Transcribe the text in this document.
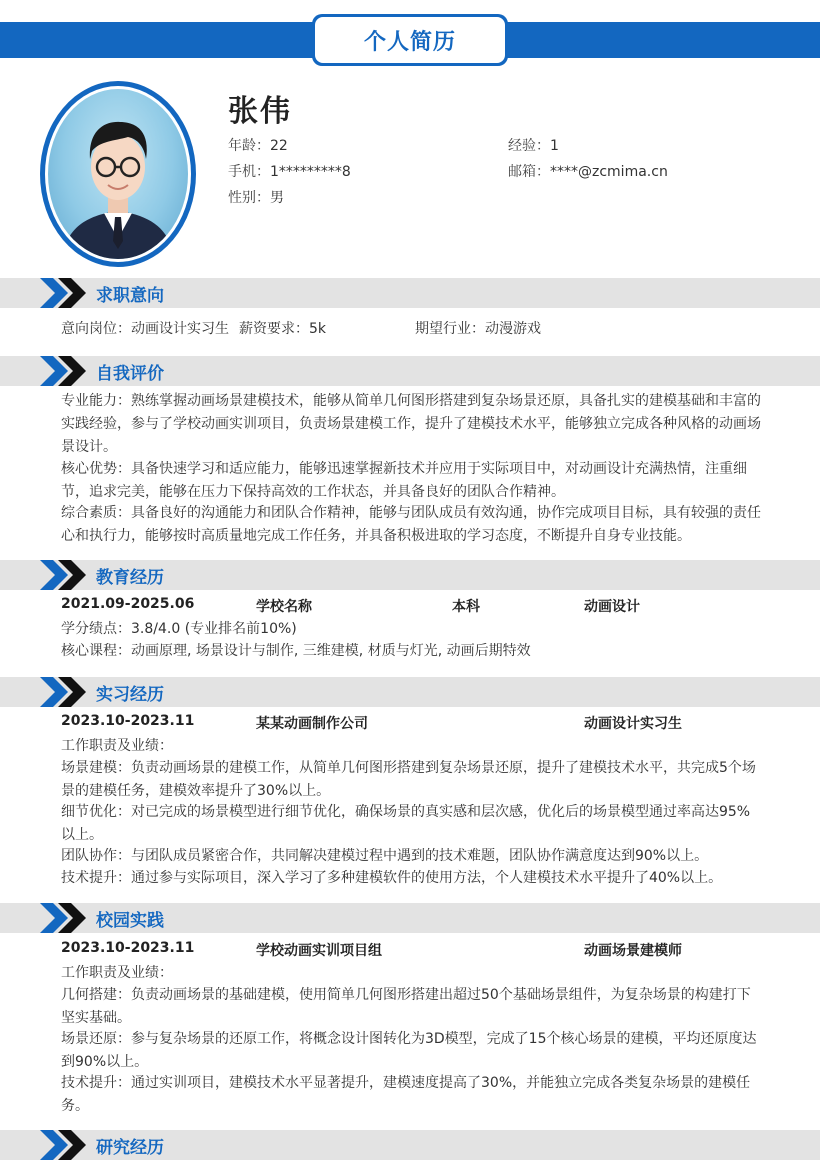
个人简历
张伟
年龄：22	经验：1
手机：1*********8	邮箱：****@zcmima.cn
性别：男
求职意向
意向岗位：动画设计实习生 薪资要求：5k	期望行业：动漫游戏
自我评价
专业能力：熟练掌握动画场景建模技术，能够从简单几何图形搭建到复杂场景还原，具备扎实的建模基础和丰富的实践经验，参与了学校动画实训项目，负责场景建模工作，提升了建模技术水平，能够独立完成各种风格的动画场景设计。
核心优势：具备快速学习和适应能力，能够迅速掌握新技术并应用于实际项目中，对动画设计充满热情，注重细节，追求完美，能够在压力下保持高效的工作状态，并具备良好的团队合作精神。
综合素质：具备良好的沟通能力和团队合作精神，能够与团队成员有效沟通，协作完成项目目标，具有较强的责任心和执行力，能够按时高质量地完成工作任务，并具备积极进取的学习态度，不断提升自身专业技能。
教育经历
2021.09-2025.06	学校名称	本科	动画设计
学分绩点：3.8/4.0 (专业排名前10%)
核心课程：动画原理, 场景设计与制作, 三维建模, 材质与灯光, 动画后期特效
实习经历
2023.10-2023.11	某某动画制作公司	动画设计实习生
工作职责及业绩：
场景建模：负责动画场景的建模工作，从简单几何图形搭建到复杂场景还原，提升了建模技术水平，共完成5个场景的建模任务，建模效率提升了30%以上。
细节优化：对已完成的场景模型进行细节优化，确保场景的真实感和层次感，优化后的场景模型通过率高达95%以上。
团队协作：与团队成员紧密合作，共同解决建模过程中遇到的技术难题，团队协作满意度达到90%以上。
技术提升：通过参与实际项目，深入学习了多种建模软件的使用方法，个人建模技术水平提升了40%以上。
校园实践
2023.10-2023.11	学校动画实训项目组	动画场景建模师
工作职责及业绩：
几何搭建：负责动画场景的基础建模，使用简单几何图形搭建出超过50个基础场景组件，为复杂场景的构建打下坚实基础。
场景还原：参与复杂场景的还原工作，将概念设计图转化为3D模型，完成了15个核心场景的建模，平均还原度达到90%以上。
技术提升：通过实训项目，建模技术水平显著提升，建模速度提高了30%，并能独立完成各类复杂场景的建模任务。
研究经历
